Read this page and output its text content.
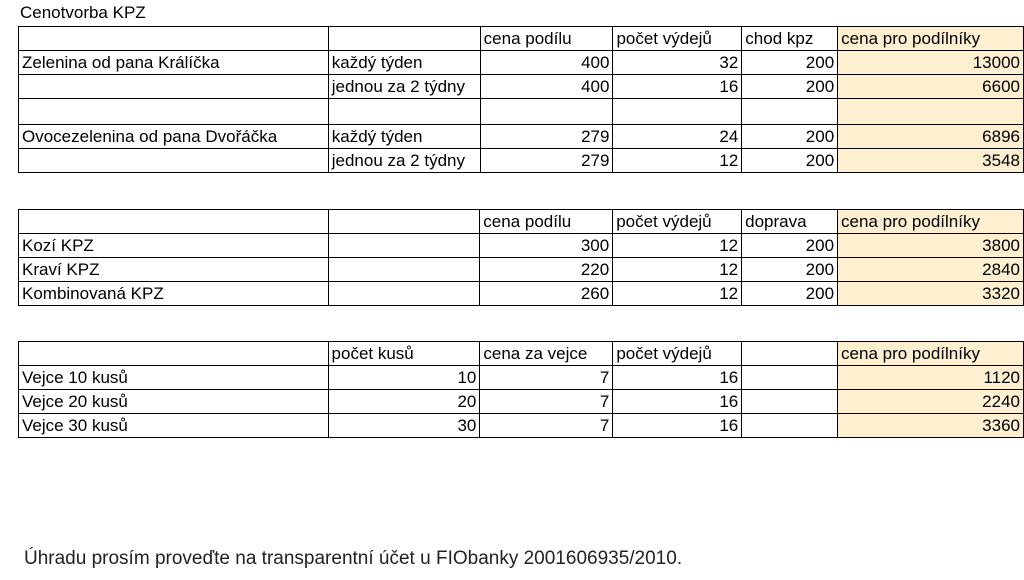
Cenotvorba KPZ
		cena podílu	počet výdejů	chod kpz	cena pro podílníky
Zelenina od pana Králíčka	každý týden	400	32	200	13000
	jednou za 2 týdny	400	16	200	6600

Ovocezelenina od pana Dvořáčka	každý týden	279	24	200	6896
	jednou za 2 týdny	279	12	200	3548
		cena podílu	počet výdejů	doprava	cena pro podílníky
Kozí KPZ		300	12	200	3800
Kraví KPZ		220	12	200	2840
Kombinovaná KPZ		260	12	200	3320
	počet kusů	cena za vejce	počet výdejů		cena pro podílníky
Vejce 10 kusů	10	7	16		1120
Vejce 20 kusů	20	7	16		2240
Vejce 30 kusů	30	7	16		3360
Úhradu prosím proveďte na transparentní účet u FIObanky 2001606935/2010.
